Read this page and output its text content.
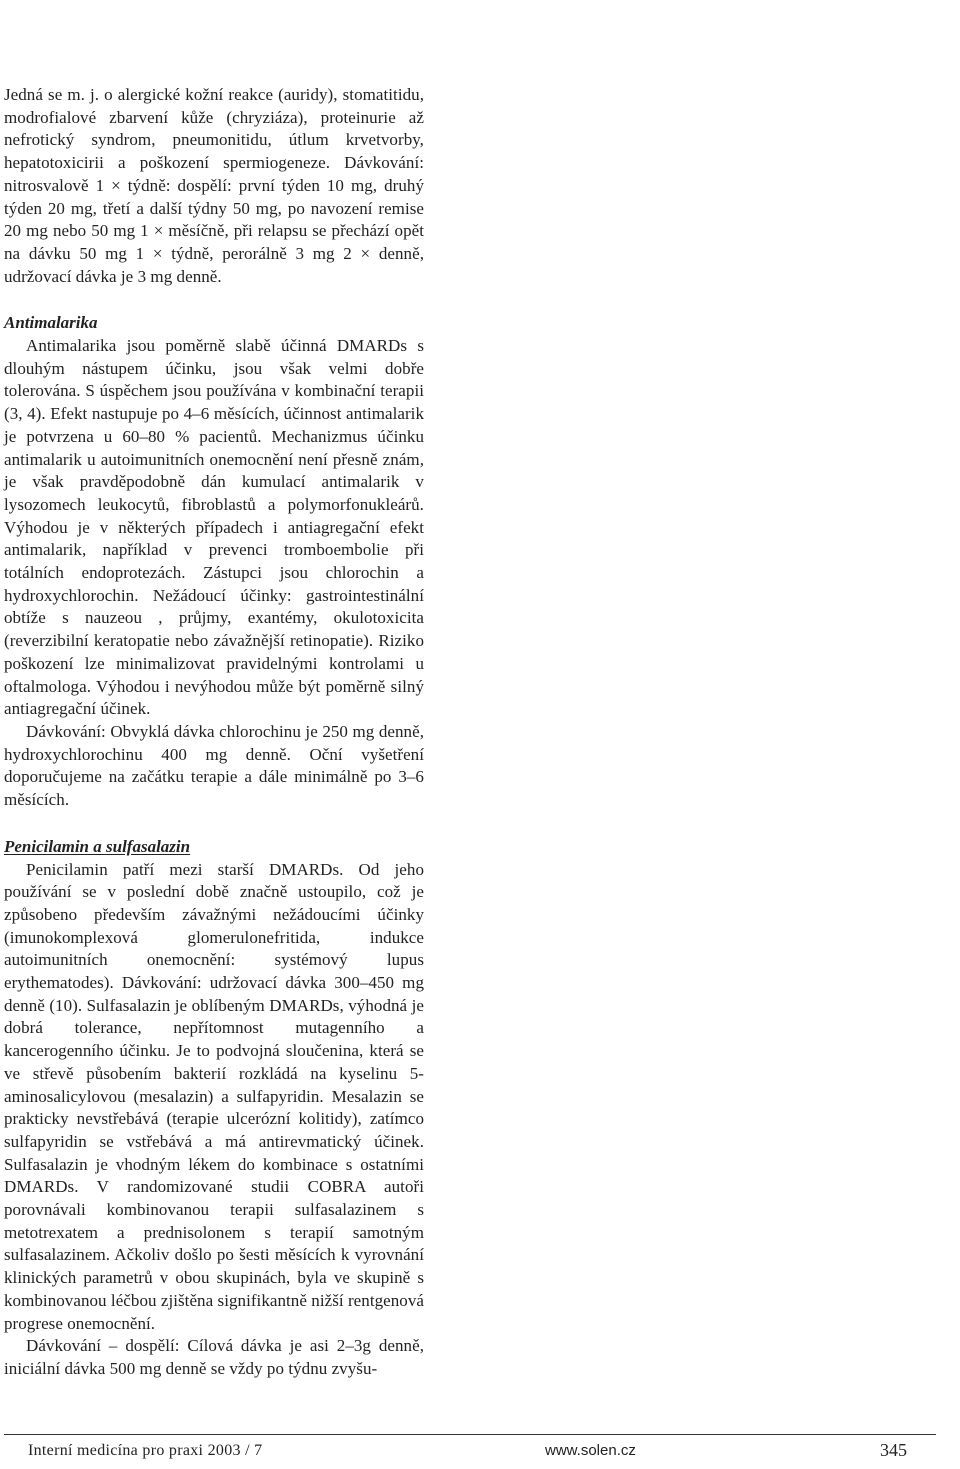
Jedná se m. j. o alergické kožní reakce (auridy), stomatitidu, modrofialové zbarvení kůže (chryziáza), proteinurie až nefrotický syndrom, pneumonitidu, útlum krvetvorby, hepatotoxicirii a poškození spermiogeneze. Dávkování: nitrosvalově 1 × týdně: dospělí: první týden 10 mg, druhý týden 20 mg, třetí a další týdny 50 mg, po navození remise 20 mg nebo 50 mg 1 × měsíčně, při relapsu se přechází opět na dávku 50 mg 1 × týdně, perorálně 3 mg 2 × denně, udržovací dávka je 3 mg denně.

Antimalarika

Antimalarika jsou poměrně slabě účinná DMARDs s dlouhým nástupem účinku, jsou však velmi dobře tolerována. S úspěchem jsou používána v kombinační terapii (3, 4). Efekt nastupuje po 4–6 měsících, účinnost antimalarik je potvrzena u 60–80 % pacientů. Mechanizmus účinku antimalarik u autoimunitních onemocnění není přesně znám, je však pravděpodobně dán kumulací antimalarik v lysozomech leukocytů, fibroblastů a polymorfonukleárů. Výhodou je v některých případech i antiagregační efekt antimalarik, například v prevenci tromboembolie při totálních endoprotezách. Zástupci jsou chlorochin a hydroxychlorochin. Nežádoucí účinky: gastrointestinální obtíže s nauzeou , průjmy, exantémy, okulotoxicita (reverzibilní keratopatie nebo závažnější retinopatie). Riziko poškození lze minimalizovat pravidelnými kontrolami u oftalmologa. Výhodou i nevýhodou může být poměrně silný antiagregační účinek.

Dávkování: Obvyklá dávka chlorochinu je 250 mg denně, hydroxychlorochinu 400 mg denně. Oční vyšetření doporučujeme na začátku terapie a dále minimálně po 3–6 měsících.

Penicilamin a sulfasalazin

Penicilamin patří mezi starší DMARDs. Od jeho používání se v poslední době značně ustoupilo, což je způsobeno především závažnými nežádoucími účinky (imunokomplexová glomerulonefritida, indukce autoimunitních onemocnění: systémový lupus erythematodes). Dávkování: udržovací dávka 300–450 mg denně (10). Sulfasalazin je oblíbeným DMARDs, výhodná je dobrá tolerance, nepřítomnost mutagenního a kancerogenního účinku. Je to podvojná sloučenina, která se ve střevě působením bakterií rozkládá na kyselinu 5-aminosalicylovou (mesalazin) a sulfapyridin. Mesalazin se prakticky nevstřebává (terapie ulcerózní kolitidy), zatímco sulfapyridin se vstřebává a má antirevmatický účinek. Sulfasalazin je vhodným lékem do kombinace s ostatními DMARDs. V randomizované studii COBRA autoři porovnávali kombinovanou terapii sulfasalazinem s metotrexatem a prednisolonem s terapií samotným sulfasalazinem. Ačkoliv došlo po šesti měsících k vyrovnání klinických parametrů v obou skupinách, byla ve skupině s kombinovanou léčbou zjištěna signifikantně nižší rentgenová progrese onemocnění.

Dávkování – dospělí: Cílová dávka je asi 2–3g denně, iniciální dávka 500 mg denně se vždy po týdnu zvyšu-

Interní medicína pro praxi 2003 / 7	www.solen.cz	345
